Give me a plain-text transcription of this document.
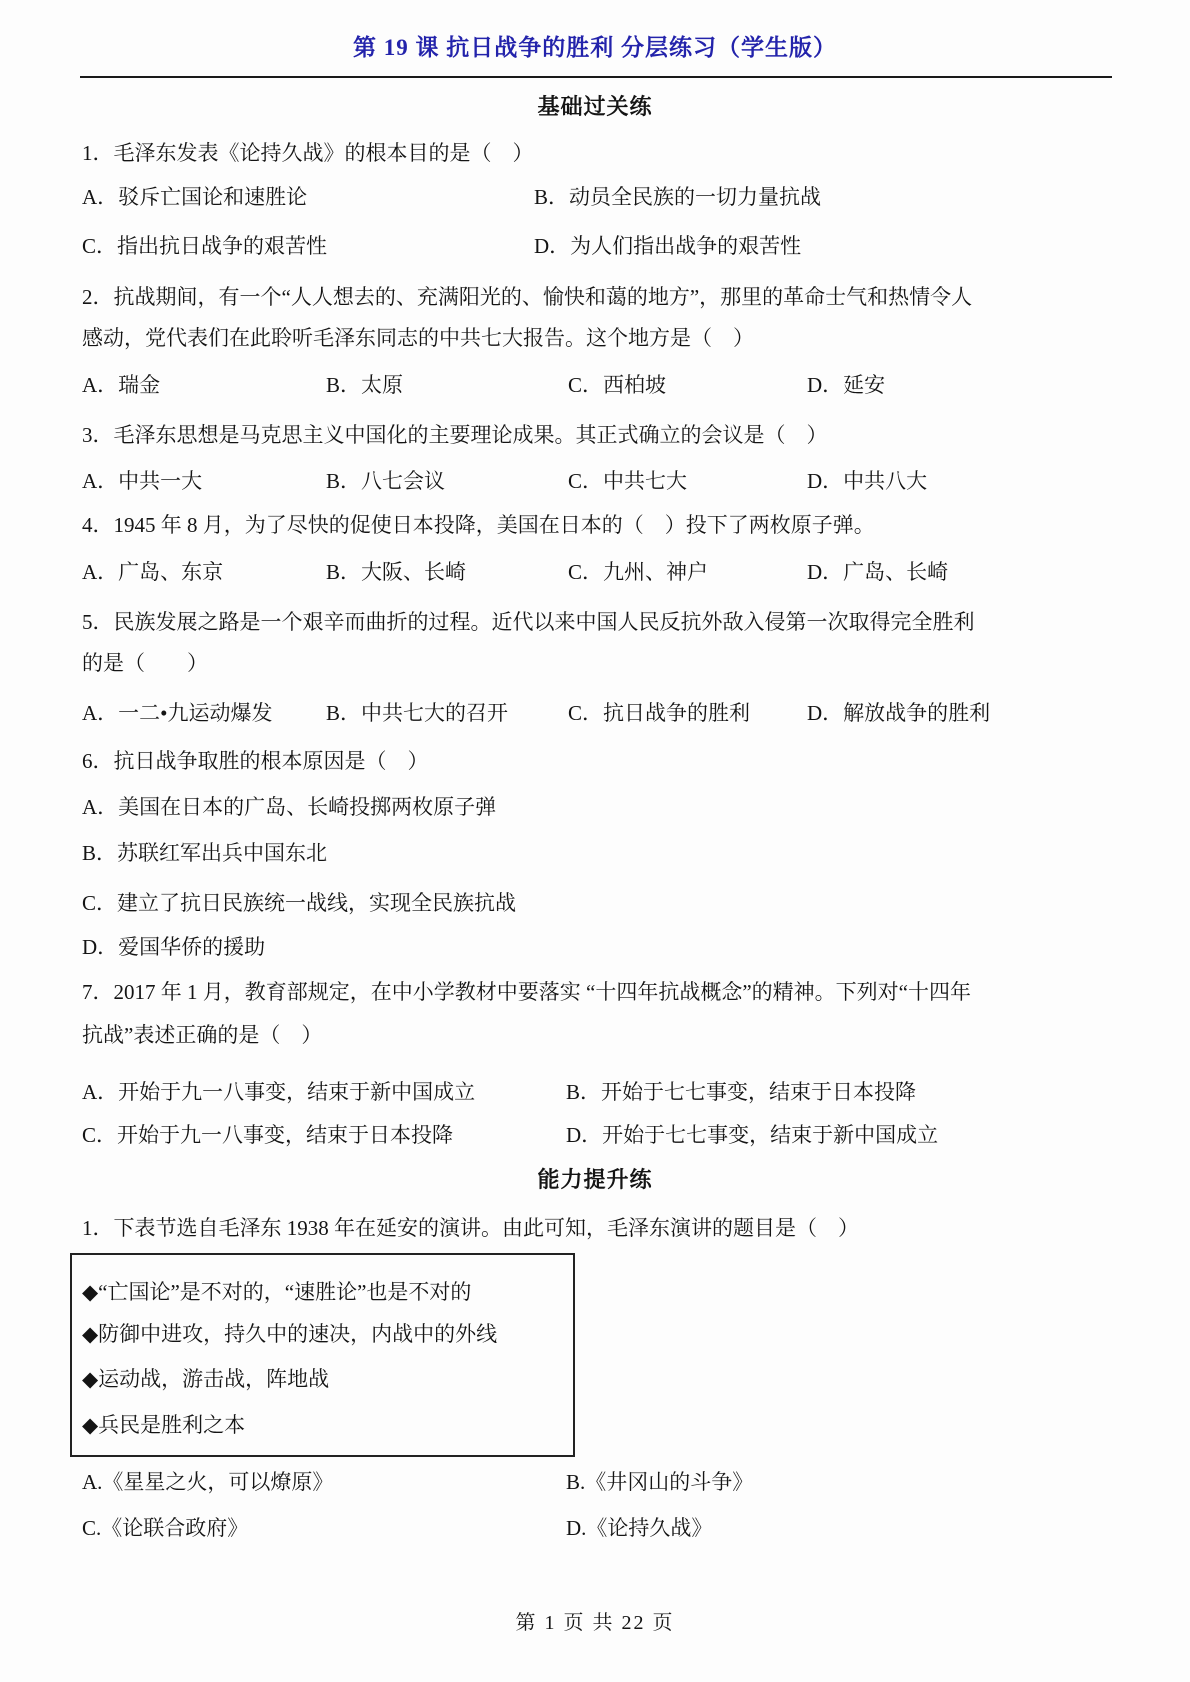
第 19 课 抗日战争的胜利 分层练习（学生版）
基础过关练
1．毛泽东发表《论持久战》的根本目的是（　）
A．驳斥亡国论和速胜论	B．动员全民族的一切力量抗战
C．指出抗日战争的艰苦性	D．为人们指出战争的艰苦性
2．抗战期间，有一个“人人想去的、充满阳光的、愉快和蔼的地方”，那里的革命士气和热情令人
感动，党代表们在此聆听毛泽东同志的中共七大报告。这个地方是（　）
A．瑞金	B．太原	C．西柏坡	D．延安
3．毛泽东思想是马克思主义中国化的主要理论成果。其正式确立的会议是（　）
A．中共一大	B．八七会议	C．中共七大	D．中共八大
4．1945 年 8 月，为了尽快的促使日本投降，美国在日本的（　）投下了两枚原子弹。
A．广岛、东京	B．大阪、长崎	C．九州、神户	D．广岛、长崎
5．民族发展之路是一个艰辛而曲折的过程。近代以来中国人民反抗外敌入侵第一次取得完全胜利
的是（　　）
A．一二•九运动爆发	B．中共七大的召开	C．抗日战争的胜利	D．解放战争的胜利
6．抗日战争取胜的根本原因是（　）
A．美国在日本的广岛、长崎投掷两枚原子弹
B．苏联红军出兵中国东北
C．建立了抗日民族统一战线，实现全民族抗战
D．爱国华侨的援助
7．2017 年 1 月，教育部规定，在中小学教材中要落实 “十四年抗战概念”的精神。下列对“十四年
抗战”表述正确的是（　）
A．开始于九一八事变，结束于新中国成立	B．开始于七七事变，结束于日本投降
C．开始于九一八事变，结束于日本投降	D．开始于七七事变，结束于新中国成立
能力提升练
1．下表节选自毛泽东 1938 年在延安的演讲。由此可知，毛泽东演讲的题目是（　）
◆“亡国论”是不对的，“速胜论”也是不对的
◆防御中进攻，持久中的速决，内战中的外线
◆运动战，游击战，阵地战
◆兵民是胜利之本
A.《星星之火，可以燎原》	B.《井冈山的斗争》
C.《论联合政府》	D.《论持久战》
第 1 页 共 22 页
